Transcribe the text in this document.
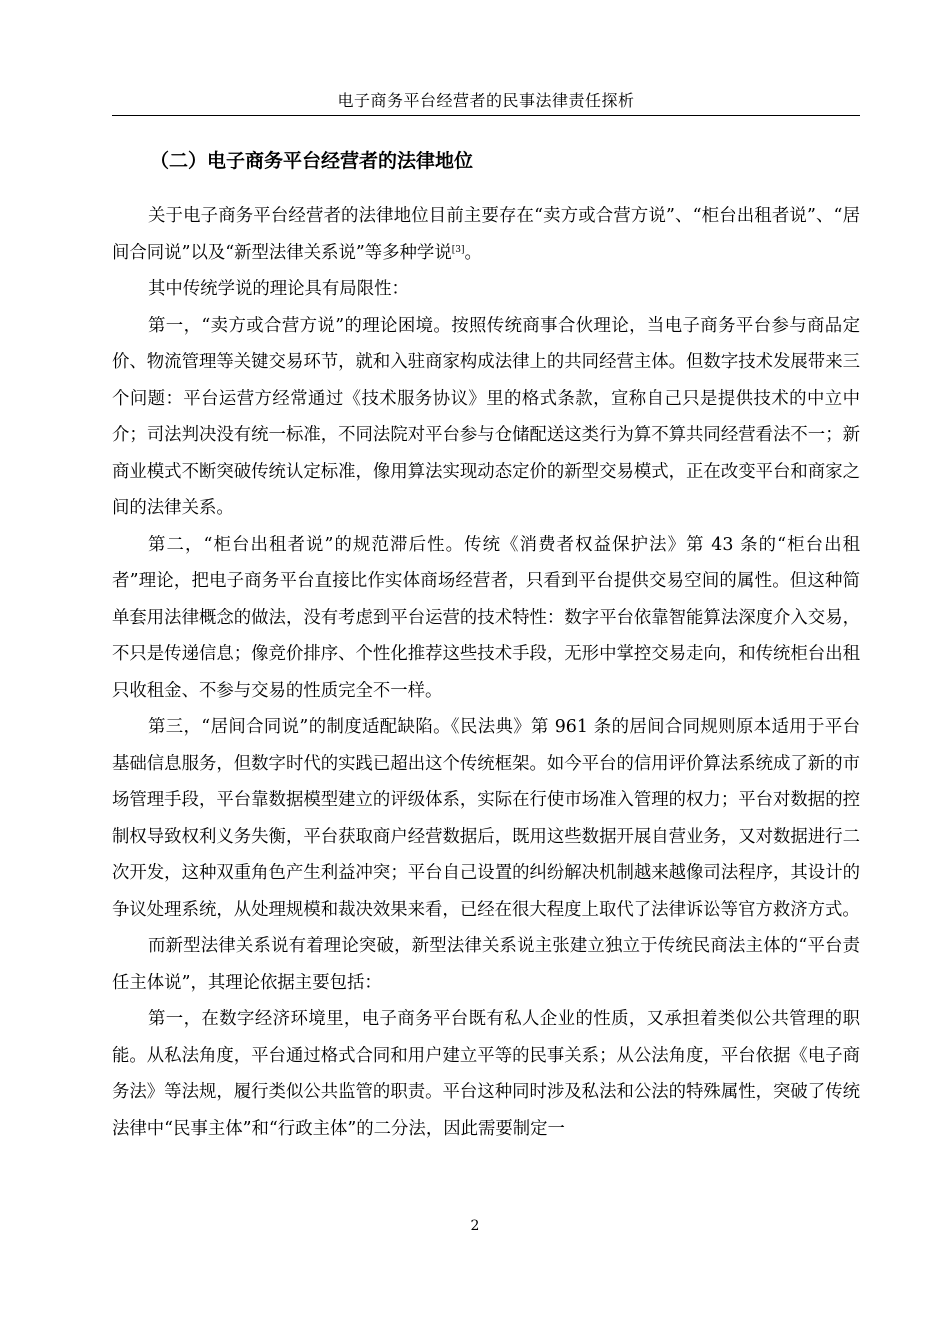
电子商务平台经营者的民事法律责任探析
（二）电子商务平台经营者的法律地位

关于电子商务平台经营者的法律地位目前主要存在“卖方或合营方说”、“柜台出租者说”、“居间合同说”以及“新型法律关系说”等多种学说[3]。

其中传统学说的理论具有局限性：

第一，“卖方或合营方说”的理论困境。按照传统商事合伙理论，当电子商务平台参与商品定价、物流管理等关键交易环节，就和入驻商家构成法律上的共同经营主体。但数字技术发展带来三个问题：平台运营方经常通过《技术服务协议》里的格式条款，宣称自己只是提供技术的中立中介；司法判决没有统一标准，不同法院对平台参与仓储配送这类行为算不算共同经营看法不一；新商业模式不断突破传统认定标准，像用算法实现动态定价的新型交易模式，正在改变平台和商家之间的法律关系。

第二，“柜台出租者说”的规范滞后性。传统《消费者权益保护法》第 43 条的“柜台出租者”理论，把电子商务平台直接比作实体商场经营者，只看到平台提供交易空间的属性。但这种简单套用法律概念的做法，没有考虑到平台运营的技术特性：数字平台依靠智能算法深度介入交易，不只是传递信息；像竞价排序、个性化推荐这些技术手段，无形中掌控交易走向，和传统柜台出租只收租金、不参与交易的性质完全不一样。

第三，“居间合同说”的制度适配缺陷。《民法典》第 961 条的居间合同规则原本适用于平台基础信息服务，但数字时代的实践已超出这个传统框架。如今平台的信用评价算法系统成了新的市场管理手段，平台靠数据模型建立的评级体系，实际在行使市场准入管理的权力；平台对数据的控制权导致权利义务失衡，平台获取商户经营数据后，既用这些数据开展自营业务，又对数据进行二次开发，这种双重角色产生利益冲突；平台自己设置的纠纷解决机制越来越像司法程序，其设计的争议处理系统，从处理规模和裁决效果来看，已经在很大程度上取代了法律诉讼等官方救济方式。

而新型法律关系说有着理论突破，新型法律关系说主张建立独立于传统民商法主体的“平台责任主体说”，其理论依据主要包括：

第一，在数字经济环境里，电子商务平台既有私人企业的性质，又承担着类似公共管理的职能。从私法角度，平台通过格式合同和用户建立平等的民事关系；从公法角度，平台依据《电子商务法》等法规，履行类似公共监管的职责。平台这种同时涉及私法和公法的特殊属性，突破了传统法律中“民事主体”和“行政主体”的二分法，因此需要制定一

2
